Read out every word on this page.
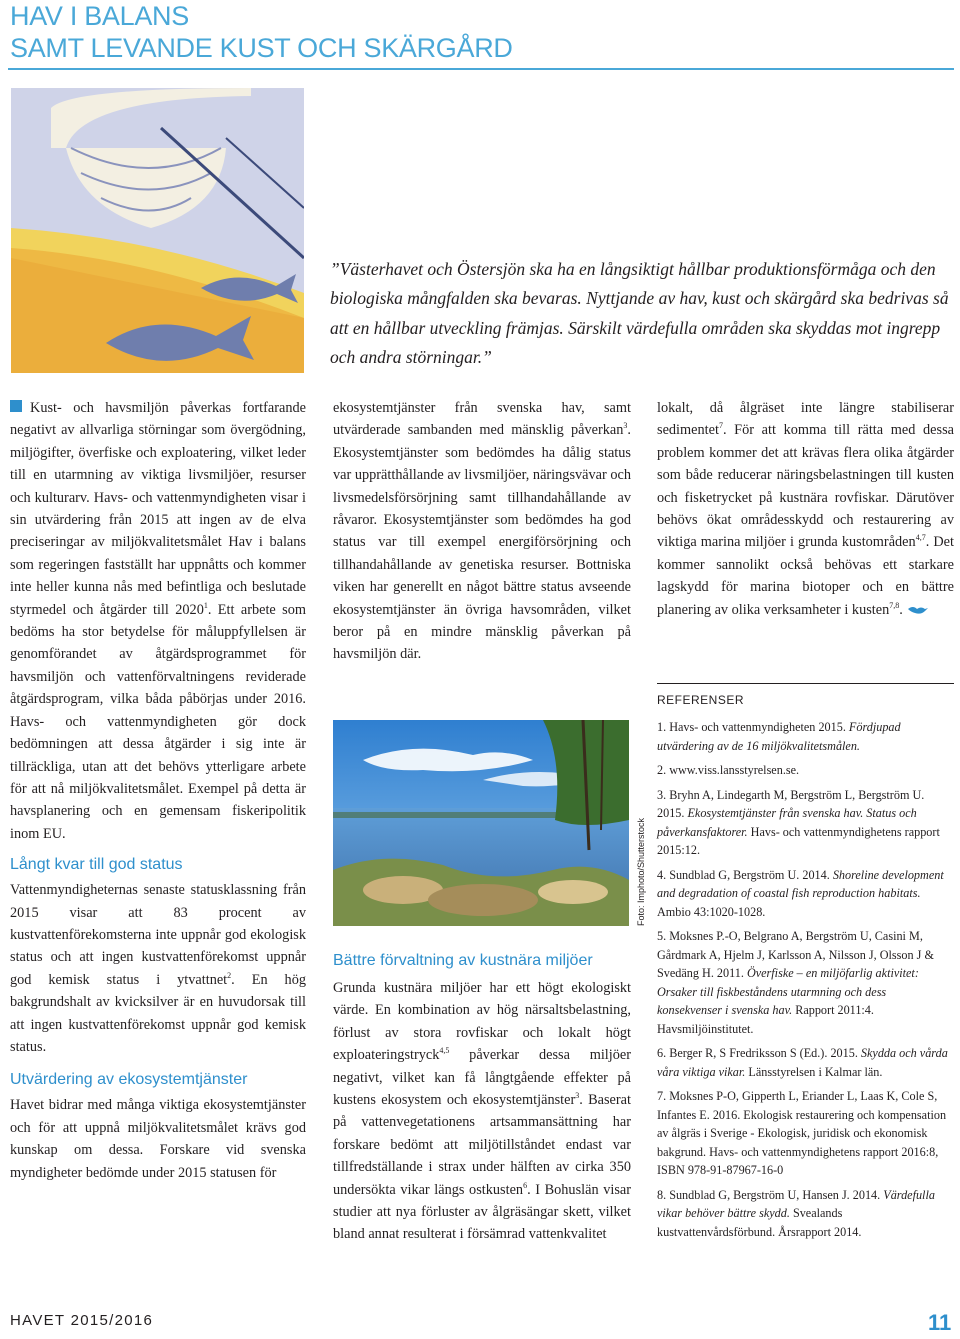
HAV I BALANS
SAMT LEVANDE KUST OCH SKÄRGÅRD
”Västerhavet och Östersjön ska ha en långsiktigt hållbar produktionsförmåga och den biologiska mångfalden ska bevaras. Nyttjande av hav, kust och skärgård ska bedrivas så att en hållbar utveckling främjas. Särskilt värdefulla områden ska skyddas mot ingrepp och andra störningar.”

Kust- och havsmiljön påverkas fortfarande negativt av allvarliga störningar som övergödning, miljögifter, överfiske och exploatering, vilket leder till en utarmning av viktiga livsmiljöer, resurser och kulturarv. Havs- och vattenmyndigheten visar i sin utvärdering från 2015 att ingen av de elva preciseringar av miljökvalitetsmålet Hav i balans som regeringen fastställt har uppnåtts och kommer inte heller kunna nås med befintliga och beslutade styrmedel och åtgärder till 2020$^1$. Ett arbete som bedöms ha stor betydelse för måluppfyllelsen är genomförandet av åtgärdsprogrammet för havsmiljön och vattenförvaltningens reviderade åtgärdsprogram, vilka båda påbörjas under 2016. Havs- och vattenmyndigheten gör dock bedömningen att dessa åtgärder i sig inte är tillräckliga, utan att det behövs ytterligare arbete för att nå miljökvalitetsmålet. Exempel på detta är havsplanering och en gemensam fiskeripolitik inom EU.

Långt kvar till god status

Vattenmyndigheternas senaste statusklassning från 2015 visar att 83 procent av kustvattenförekomsterna inte uppnår god ekologisk status och att ingen kustvattenförekomst uppnår god kemisk status i ytvattnet$^2$. En hög bakgrundshalt av kvicksilver är en huvudorsak till att ingen kustvattenförekomst uppnår god kemisk status.

Utvärdering av ekosystemtjänster

Havet bidrar med många viktiga ekosystemtjänster och för att uppnå miljökvalitetsmålet krävs god kunskap om dessa. Forskare vid svenska myndigheter bedömde under 2015 statusen för

ekosystemtjänster från svenska hav, samt utvärderade sambanden med mänsklig påverkan$^3$. Ekosystemtjänster som bedömdes ha dålig status var upprätthållande av livsmiljöer, näringsvävar och livsmedelsförsörjning samt tillhandahållande av råvaror. Ekosystemtjänster som bedömdes ha god status var till exempel energiförsörjning och tillhandahållande av genetiska resurser. Bottniska viken har generellt en något bättre status avseende ekosystemtjänster än övriga havsområden, vilket beror på en mindre mänsklig påverkan på havsmiljön där.

Foto: Imphoto/Shutterstock
Bättre förvaltning av kustnära miljöer

Grunda kustnära miljöer har ett högt ekologiskt värde. En kombination av hög närsaltsbelastning, förlust av stora rovfiskar och lokalt högt exploateringstryck$^{4,5}$ påverkar dessa miljöer negativt, vilket kan få långtgående effekter på kustens ekosystem och ekosystemtjänster$^3$. Baserat på vattenvegetationens artsammansättning har forskare bedömt att miljötillståndet endast var tillfredställande i strax under hälften av cirka 350 undersökta vikar längs ostkusten$^6$. I Bohuslän visar studier att nya förluster av ålgräsängar skett, vilket bland annat resulterat i försämrad vattenkvalitet

lokalt, då ålgräset inte längre stabiliserar sedimentet$^7$. För att komma till rätta med dessa problem kommer det att krävas flera olika åtgärder som både reducerar näringsbelastningen till kusten och fisketrycket på kustnära rovfiskar. Därutöver behövs ökat områdesskydd och restaurering av viktiga marina miljöer i grunda kustområden$^{4,7}$. Det kommer sannolikt också behövas ett starkare lagskydd för marina biotoper och en bättre planering av olika verksamheter i kusten$^{7,8}$.

REFERENSER
1. Havs- och vattenmyndigheten 2015. Fördjupad utvärdering av de 16 miljökvalitetsmålen.
2. www.viss.lansstyrelsen.se.
3. Bryhn A, Lindegarth M, Bergström L, Bergström U. 2015. Ekosystemtjänster från svenska hav. Status och påverkansfaktorer. Havs- och vattenmyndighetens rapport 2015:12.
4. Sundblad G, Bergström U. 2014. Shoreline development and degradation of coastal fish reproduction habitats. Ambio 43:1020-1028.
5. Moksnes P.-O, Belgrano A, Bergström U, Casini M, Gårdmark A, Hjelm J, Karlsson A, Nilsson J, Olsson J & Svedäng H. 2011. Överfiske – en miljöfarlig aktivitet: Orsaker till fiskbeståndens utarmning och dess konsekvenser i svenska hav. Rapport 2011:4. Havsmiljöinstitutet.
6. Berger R, S Fredriksson S (Ed.). 2015. Skydda och vårda våra viktiga vikar. Länsstyrelsen i Kalmar län.
7. Moksnes P-O, Gipperth L, Eriander L, Laas K, Cole S, Infantes E. 2016. Ekologisk restaurering och kompensation av ålgräs i Sverige - Ekologisk, juridisk och ekonomisk bakgrund. Havs- och vattenmyndighetens rapport 2016:8, ISBN 978-91-87967-16-0
8. Sundblad G, Bergström U, Hansen J. 2014. Värdefulla vikar behöver bättre skydd. Svealands kustvattenvårdsförbund. Årsrapport 2014.
HAVET 2015/2016	11
